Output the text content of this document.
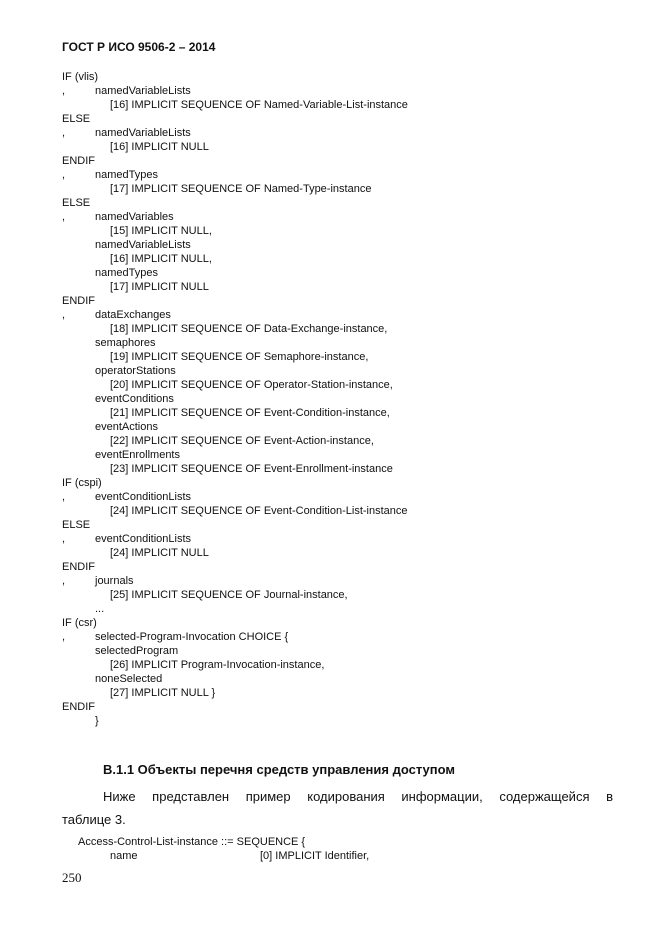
ГОСТ Р ИСО 9506-2 – 2014
IF (vlis)
,	namedVariableLists
[16] IMPLICIT SEQUENCE OF Named-Variable-List-instance
ELSE
,	namedVariableLists
[16] IMPLICIT NULL
ENDIF
,	namedTypes
[17] IMPLICIT SEQUENCE OF Named-Type-instance
ELSE
,	namedVariables
[15] IMPLICIT NULL,
namedVariableLists
[16] IMPLICIT NULL,
namedTypes
[17] IMPLICIT NULL
ENDIF
,	dataExchanges
[18] IMPLICIT SEQUENCE OF Data-Exchange-instance,
semaphores
[19] IMPLICIT SEQUENCE OF Semaphore-instance,
operatorStations
[20] IMPLICIT SEQUENCE OF Operator-Station-instance,
eventConditions
[21] IMPLICIT SEQUENCE OF Event-Condition-instance,
eventActions
[22] IMPLICIT SEQUENCE OF Event-Action-instance,
eventEnrollments
[23] IMPLICIT SEQUENCE OF Event-Enrollment-instance
IF (cspi)
,	eventConditionLists
[24] IMPLICIT SEQUENCE OF Event-Condition-List-instance
ELSE
,	eventConditionLists
[24] IMPLICIT NULL
ENDIF
,	journals
[25] IMPLICIT SEQUENCE OF Journal-instance,
...
IF (csr)
,	selected-Program-Invocation CHOICE {
selectedProgram
[26] IMPLICIT Program-Invocation-instance,
noneSelected
[27] IMPLICIT NULL }
ENDIF
}
В.1.1 Объекты перечня средств управления доступом
Ниже представлен пример кодирования информации, содержащейся в
таблице 3.
Access-Control-List-instance ::= SEQUENCE {
name	[0] IMPLICIT Identifier,
250
